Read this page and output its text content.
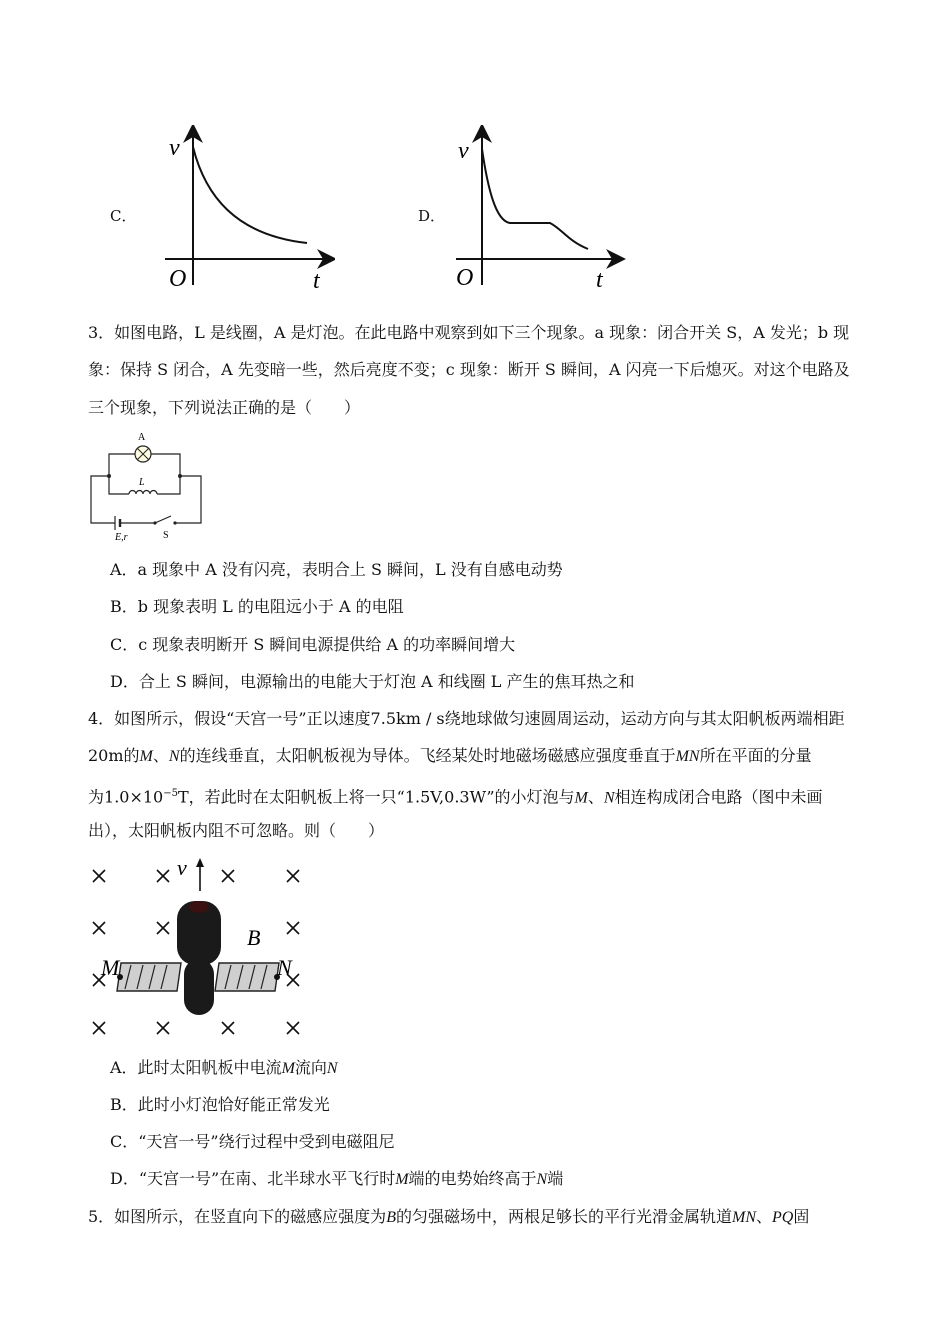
C．
v
O	t
D．
v
O	t
3．如图电路，L 是线圈，A 是灯泡。在此电路中观察到如下三个现象。a 现象：闭合开关 S，A 发光；b 现
象：保持 S 闭合，A 先变暗一些，然后亮度不变；c 现象：断开 S 瞬间，A 闪亮一下后熄灭。对这个电路及
三个现象，下列说法正确的是（　　）
A
L
E,r	S
A．a 现象中 A 没有闪亮，表明合上 S 瞬间，L 没有自感电动势
B．b 现象表明 L 的电阻远小于 A 的电阻
C．c 现象表明断开 S 瞬间电源提供给 A 的功率瞬间增大
D．合上 S 瞬间，电源输出的电能大于灯泡 A 和线圈 L 产生的焦耳热之和
4．如图所示，假设“天宫一号”正以速度7.5km / s绕地球做匀速圆周运动，运动方向与其太阳帆板两端相距
20m的M、N的连线垂直，太阳帆板视为导体。飞经某处时地磁场磁感应强度垂直于MN所在平面的分量
为$1.0\times 10^{-5}T$，若此时在太阳帆板上将一只“1.5V,0.3W”的小灯泡与M、N相连构成闭合电路（图中未画
出），太阳帆板内阻不可忽略。则（　　）
v
B
M	N
A．此时太阳帆板中电流M流向N
B．此时小灯泡恰好能正常发光
C．“天宫一号”绕行过程中受到电磁阻尼
D．“天宫一号”在南、北半球水平飞行时M端的电势始终高于N端
5．如图所示，在竖直向下的磁感应强度为B的匀强磁场中，两根足够长的平行光滑金属轨道MN、PQ固
